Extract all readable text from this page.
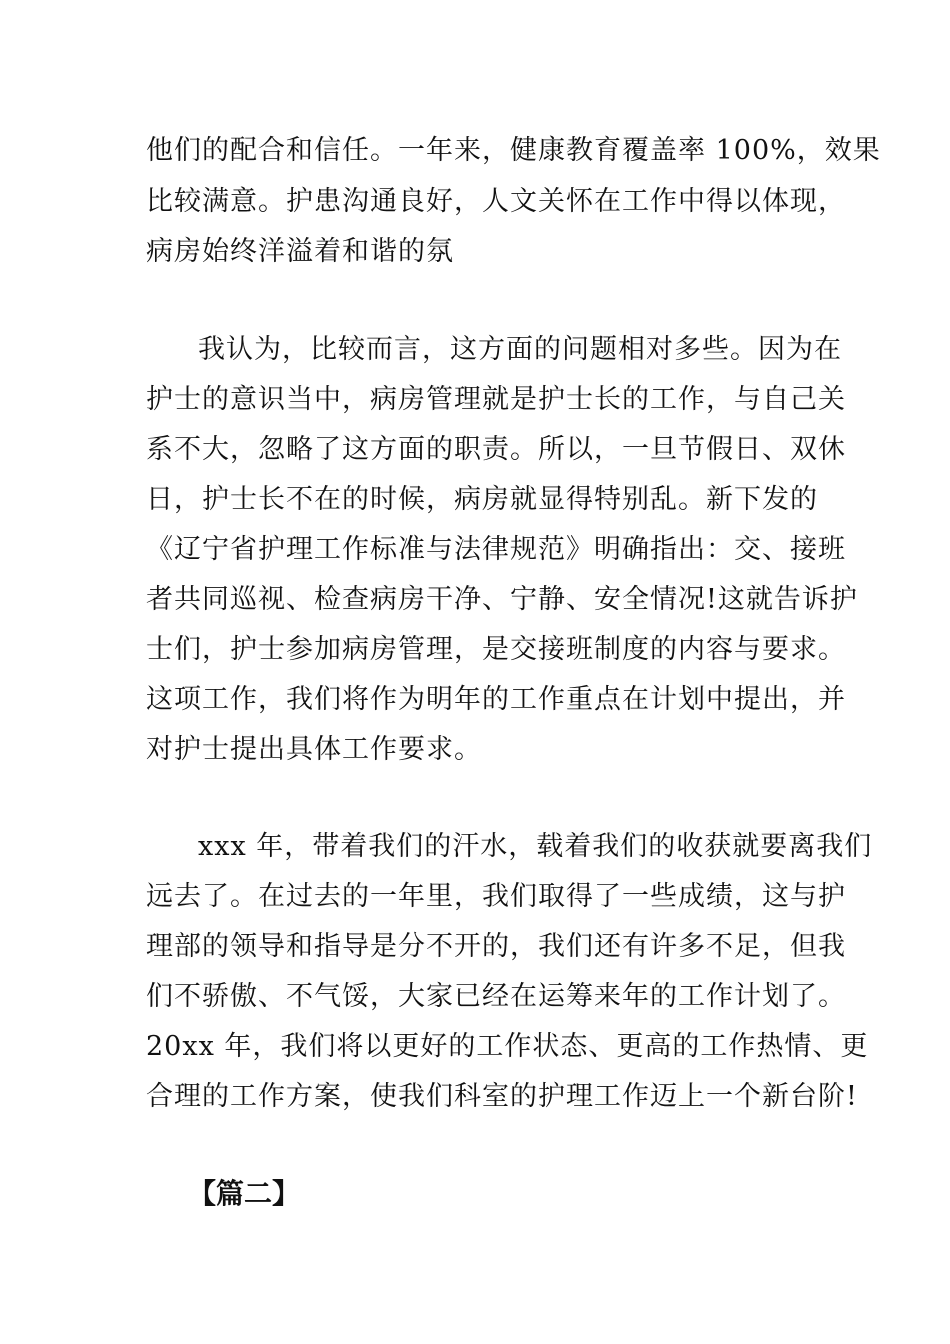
他们的配合和信任。一年来，健康教育覆盖率 100%，效果
比较满意。护患沟通良好，人文关怀在工作中得以体现，
病房始终洋溢着和谐的氛
我认为，比较而言，这方面的问题相对多些。因为在
护士的意识当中，病房管理就是护士长的工作，与自己关
系不大，忽略了这方面的职责。所以，一旦节假日、双休
日，护士长不在的时候，病房就显得特别乱。新下发的
《辽宁省护理工作标准与法律规范》明确指出：交、接班
者共同巡视、检查病房干净、宁静、安全情况!这就告诉护
士们，护士参加病房管理，是交接班制度的内容与要求。
这项工作，我们将作为明年的工作重点在计划中提出，并
对护士提出具体工作要求。
xxx 年，带着我们的汗水，载着我们的收获就要离我们
远去了。在过去的一年里，我们取得了一些成绩，这与护
理部的领导和指导是分不开的，我们还有许多不足，但我
们不骄傲、不气馁，大家已经在运筹来年的工作计划了。
20xx 年，我们将以更好的工作状态、更高的工作热情、更
合理的工作方案，使我们科室的护理工作迈上一个新台阶!
【篇二】
